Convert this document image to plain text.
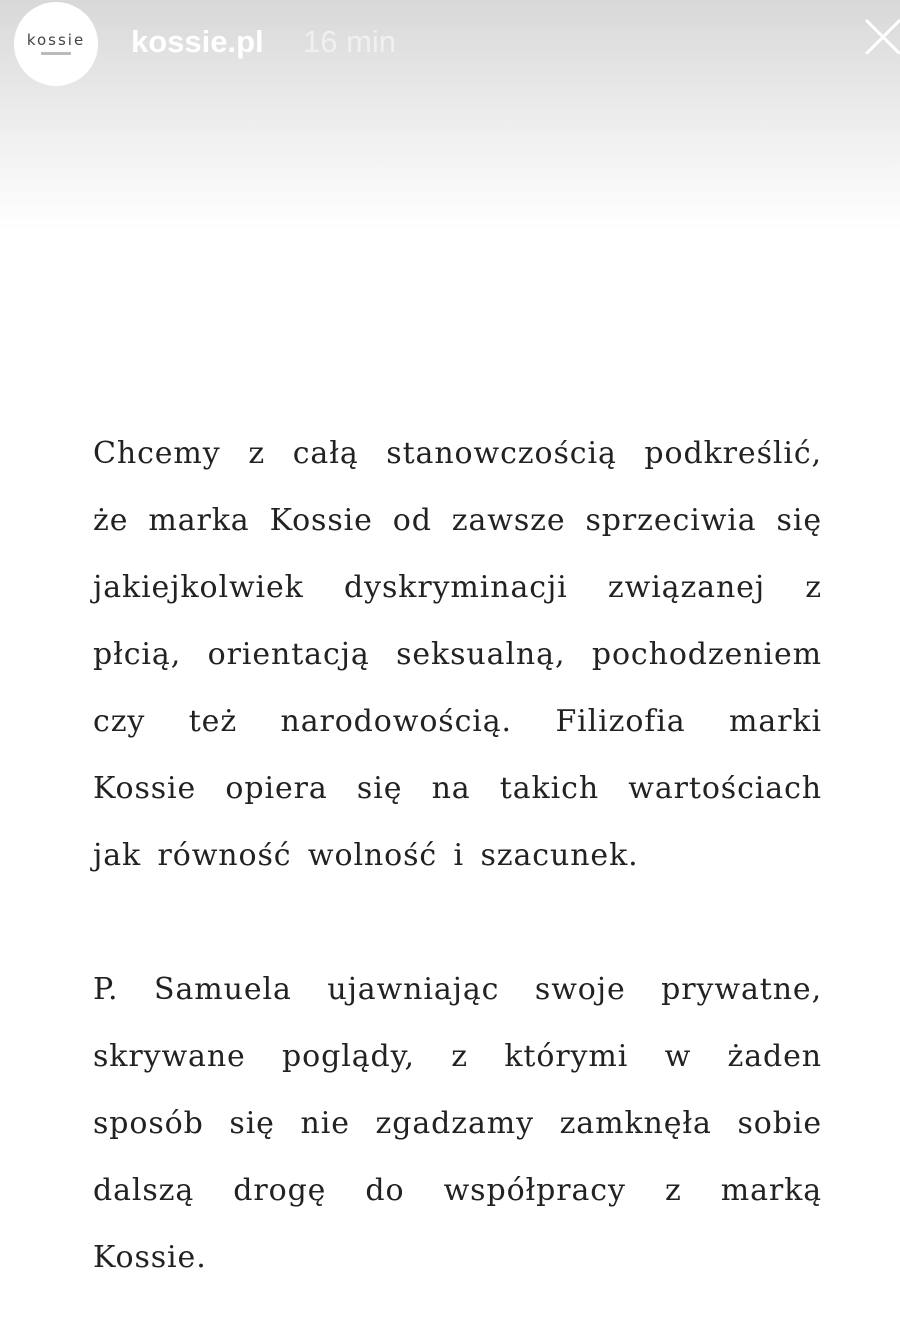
kossie kossie.pl 16 min
Chcemy z całą stanowczością podkreślić, że marka Kossie od zawsze sprzeciwia się jakiejkolwiek dyskryminacji związanej z płcią, orientacją seksualną, pochodzeniem czy też narodowością. Filizofia marki Kossie opiera się na takich wartościach jak równość wolność i szacunek.
P. Samuela ujawniając swoje prywatne, skrywane poglądy, z którymi w żaden sposób się nie zgadzamy zamknęła sobie dalszą drogę do współpracy z marką Kossie.
